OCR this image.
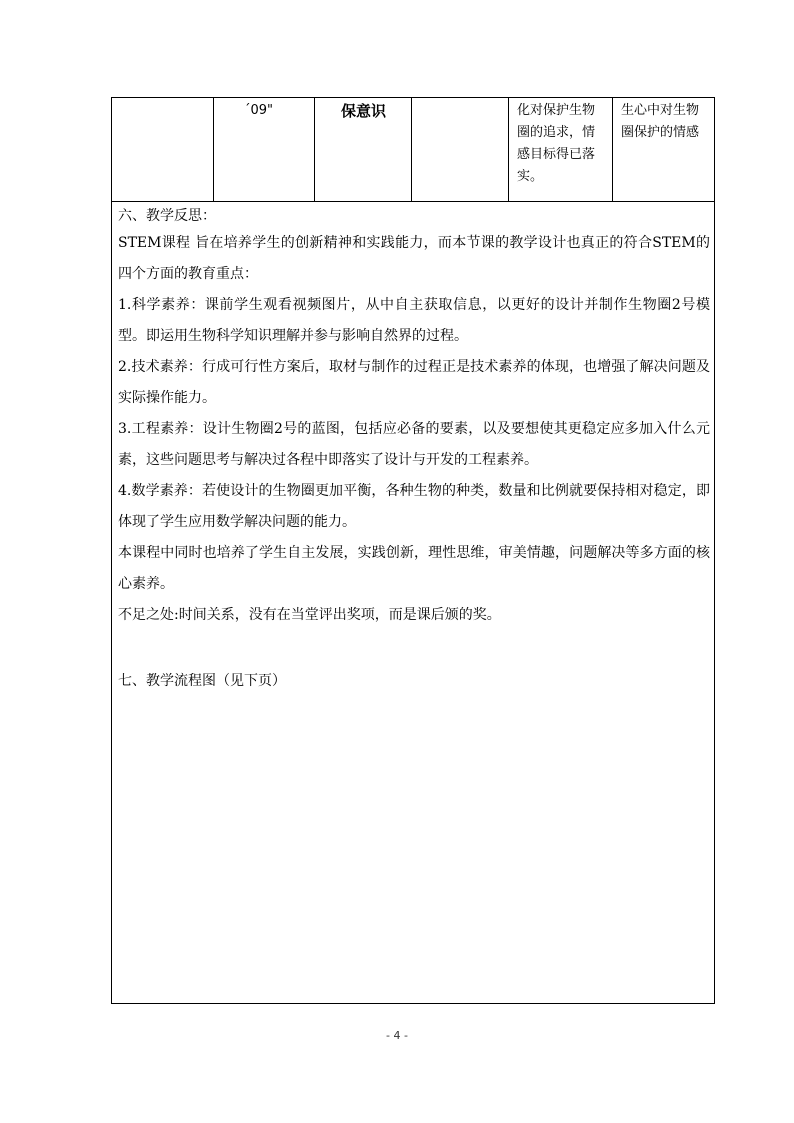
´09"	保意识	化对保护生物圈的追求，情感目标得已落实。
生心中对生物圈保护的情感

六、教学反思：

STEM课程 旨在培养学生的创新精神和实践能力，而本节课的教学设计也真正的符合STEM的四个方面的教育重点：

1.科学素养：课前学生观看视频图片，从中自主获取信息，以更好的设计并制作生物圈2号模型。即运用生物科学知识理解并参与影响自然界的过程。

2.技术素养：行成可行性方案后，取材与制作的过程正是技术素养的体现，也增强了解决问题及实际操作能力。

3.工程素养：设计生物圈2号的蓝图，包括应必备的要素，以及要想使其更稳定应多加入什么元素，这些问题思考与解决过各程中即落实了设计与开发的工程素养。

4.数学素养：若使设计的生物圈更加平衡，各种生物的种类，数量和比例就要保持相对稳定，即体现了学生应用数学解决问题的能力。

本课程中同时也培养了学生自主发展，实践创新，理性思维，审美情趣，问题解决等多方面的核心素养。

不足之处:时间关系，没有在当堂评出奖项，而是课后颁的奖。

七、教学流程图（见下页）

- 4 -
